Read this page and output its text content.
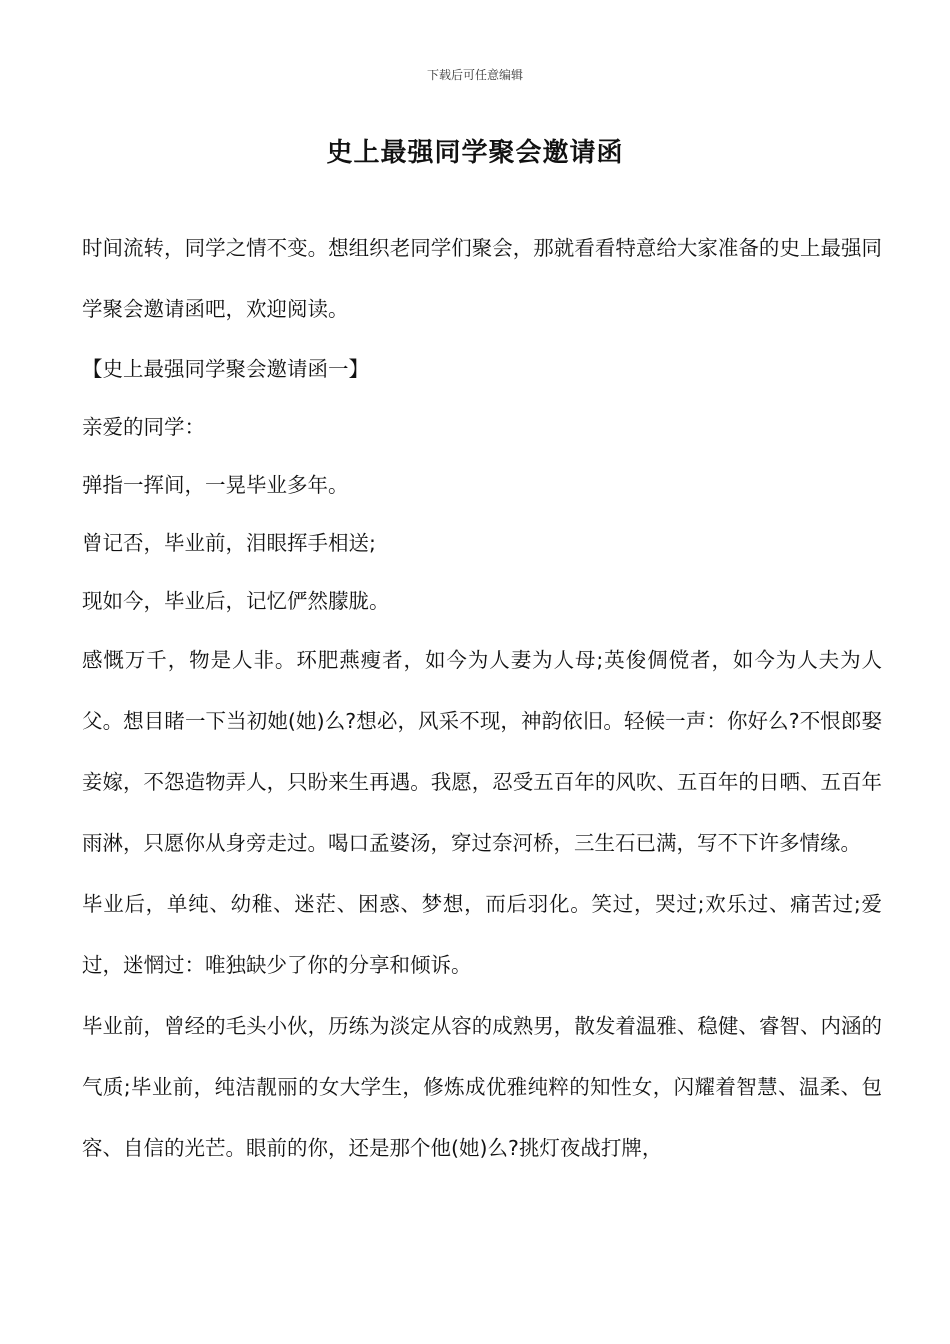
下载后可任意编辑
史上最强同学聚会邀请函

时间流转，同学之情不变。想组织老同学们聚会，那就看看特意给大家准备的史上最强同学聚会邀请函吧，欢迎阅读。

【史上最强同学聚会邀请函一】

亲爱的同学：

弹指一挥间，一晃毕业多年。

曾记否，毕业前，泪眼挥手相送;

现如今，毕业后，记忆俨然朦胧。

感慨万千，物是人非。环肥燕瘦者，如今为人妻为人母;英俊倜傥者，如今为人夫为人父。想目睹一下当初她(她)么?想必，风采不现，神韵依旧。轻候一声：你好么?不恨郎娶妾嫁，不怨造物弄人，只盼来生再遇。我愿，忍受五百年的风吹、五百年的日晒、五百年雨淋，只愿你从身旁走过。喝口孟婆汤，穿过奈河桥，三生石已满，写不下许多情缘。

毕业后，单纯、幼稚、迷茫、困惑、梦想，而后羽化。笑过，哭过;欢乐过、痛苦过;爱过，迷惘过：唯独缺少了你的分享和倾诉。

毕业前，曾经的毛头小伙，历练为淡定从容的成熟男，散发着温雅、稳健、睿智、内涵的气质;毕业前，纯洁靓丽的女大学生，修炼成优雅纯粹的知性女，闪耀着智慧、温柔、包容、自信的光芒。眼前的你，还是那个他(她)么?挑灯夜战打牌，
